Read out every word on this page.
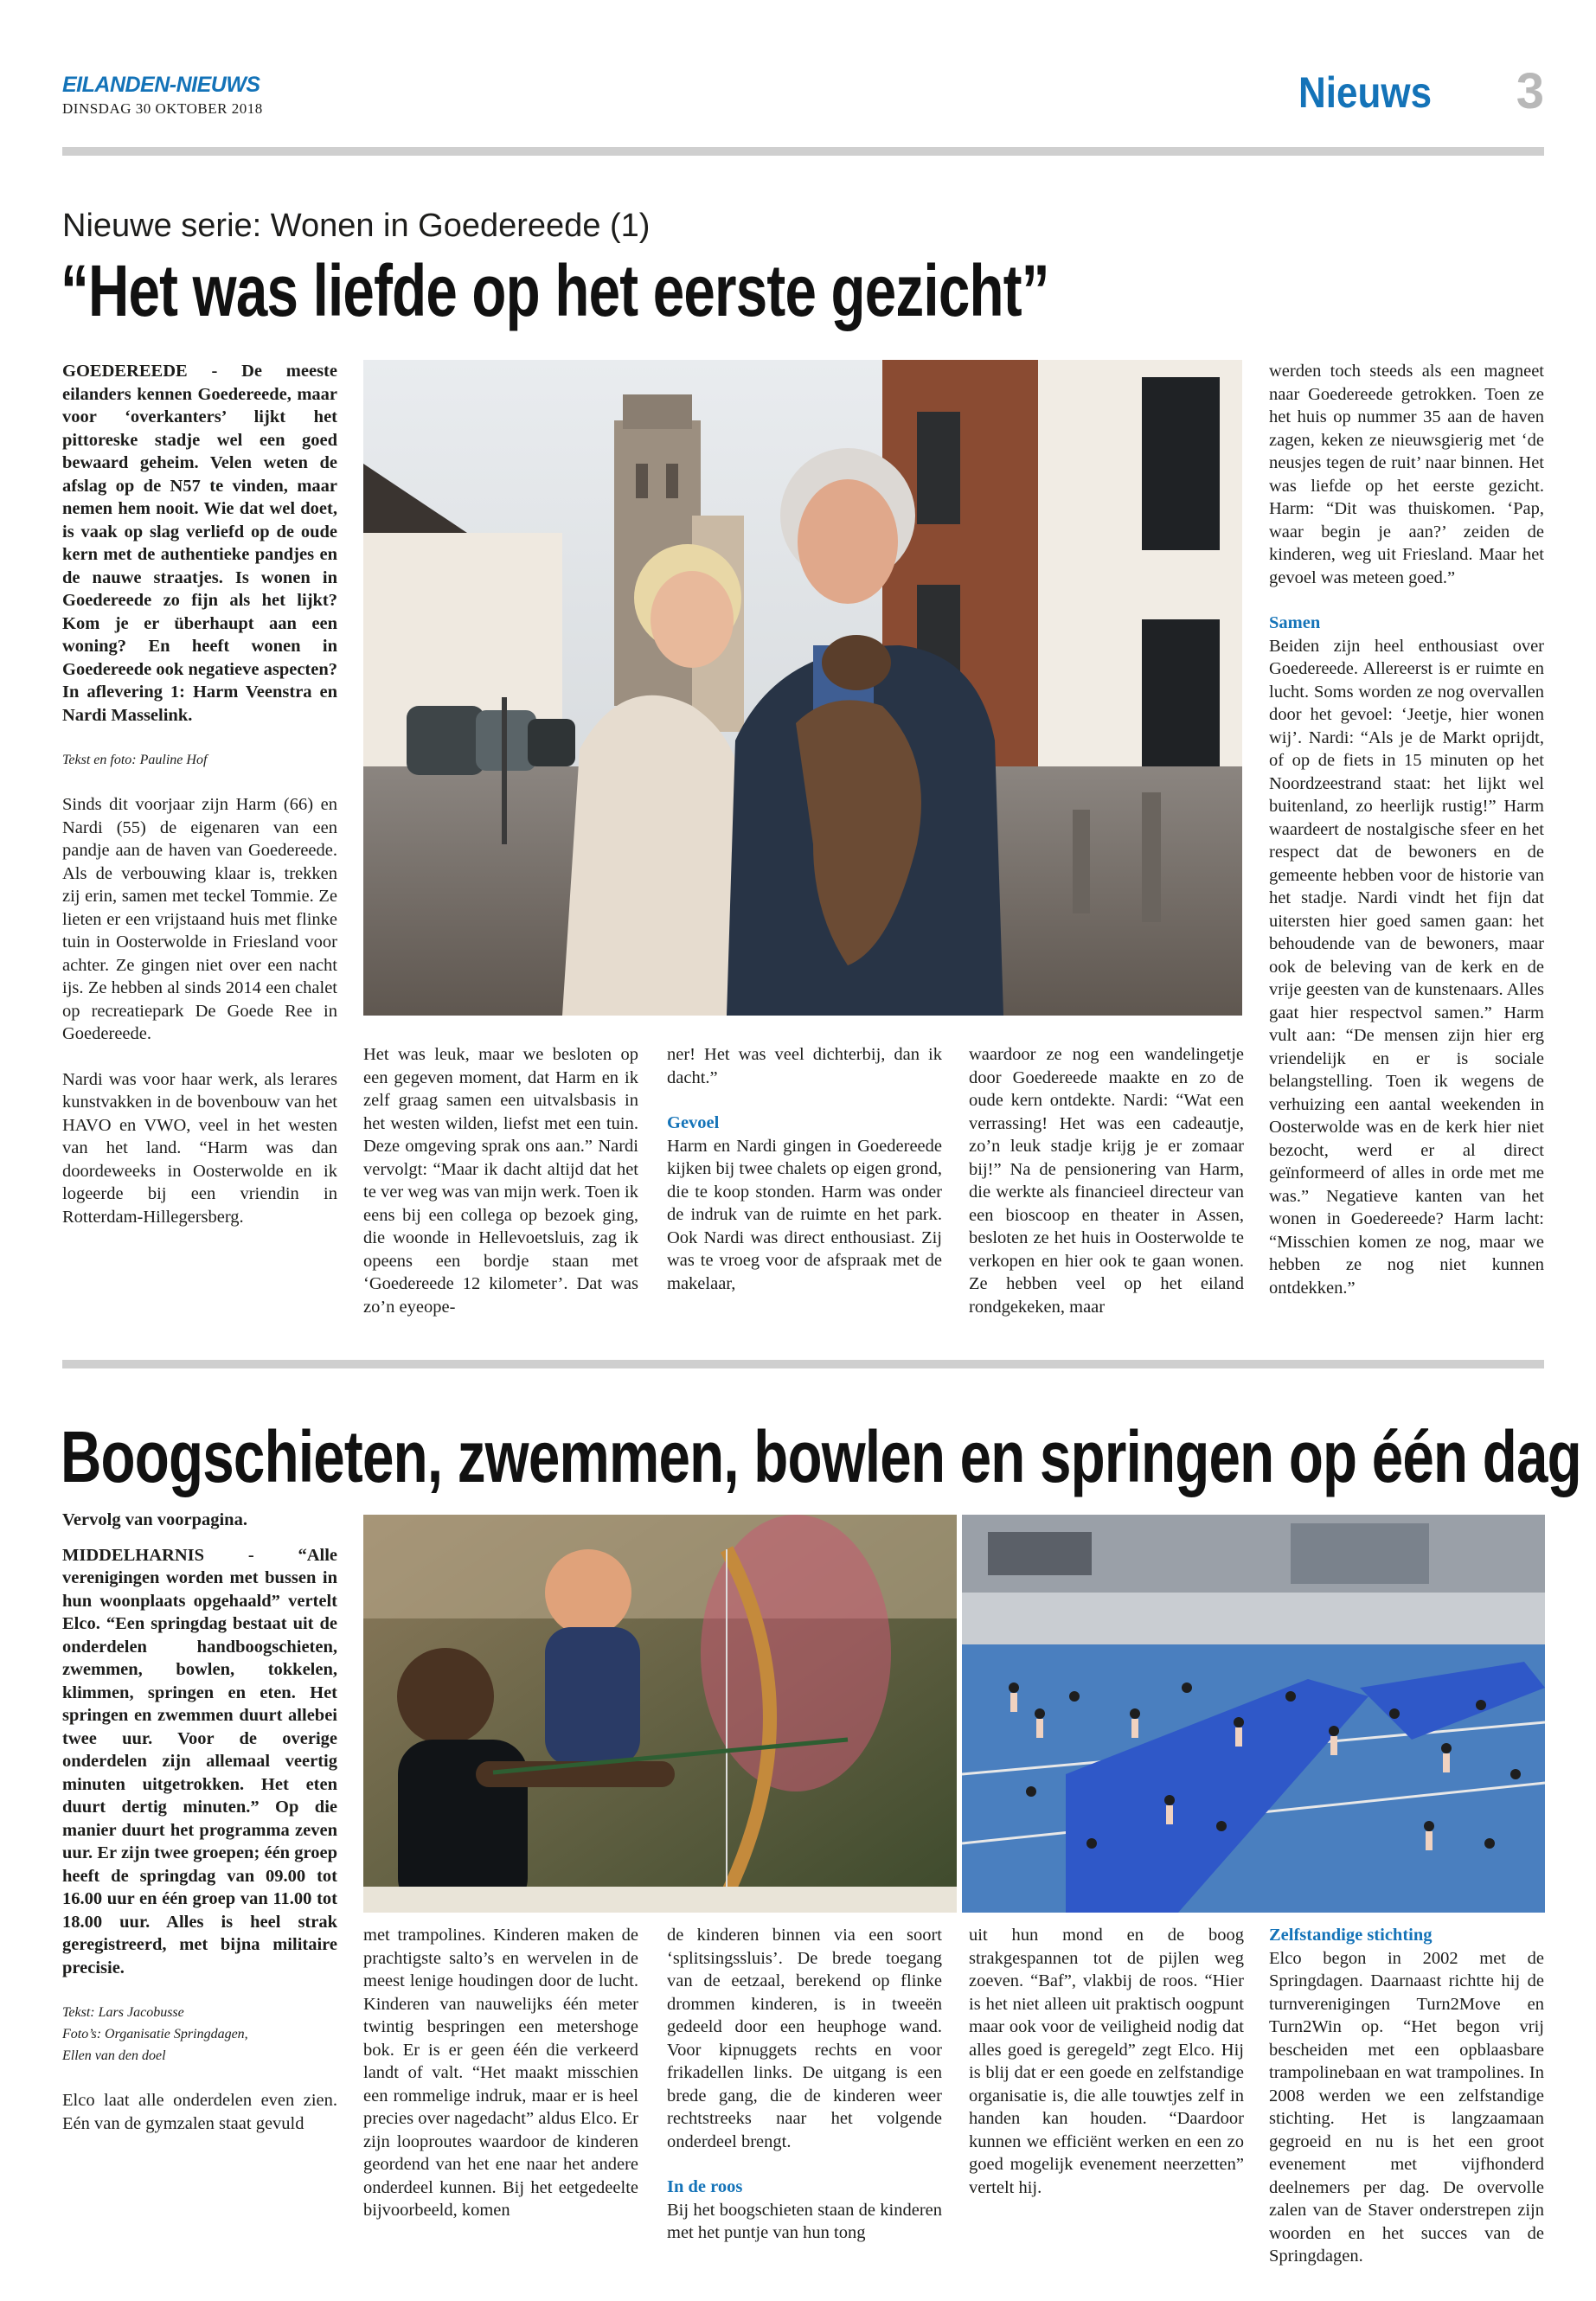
EILANDEN-NIEUWS
DINSDAG 30 OKTOBER 2018	Nieuws 3
Nieuwe serie: Wonen in Goedereede (1)
“Het was liefde op het eerste gezicht”

GOEDEREEDE - De meeste eilanders kennen Goedereede, maar voor ‘overkanters’ lijkt het pittoreske stadje wel een goed bewaard geheim. Velen weten de afslag op de N57 te vinden, maar nemen hem nooit. Wie dat wel doet, is vaak op slag verliefd op de oude kern met de authentieke pandjes en de nauwe straatjes. Is wonen in Goedereede zo fijn als het lijkt? Kom je er überhaupt aan een woning? En heeft wonen in Goedereede ook negatieve aspecten? In aflevering 1: Harm Veenstra en Nardi Masselink.

Tekst en foto: Pauline Hof

Sinds dit voorjaar zijn Harm (66) en Nardi (55) de eigenaren van een pandje aan de haven van Goedereede. Als de verbouwing klaar is, trekken zij erin, samen met teckel Tommie. Ze lieten er een vrijstaand huis met flinke tuin in Oosterwolde in Friesland voor achter. Ze gingen niet over een nacht ijs. Ze hebben al sinds 2014 een chalet op recreatiepark De Goede Ree in Goedereede.

Nardi was voor haar werk, als lerares kunstvakken in de bovenbouw van het HAVO en VWO, veel in het westen van het land. “Harm was dan doordeweeks in Oosterwolde en ik logeerde bij een vriendin in Rotterdam-Hillegersberg.

Het was leuk, maar we besloten op een gegeven moment, dat Harm en ik zelf graag samen een uitvalsbasis in het westen wilden, liefst met een tuin. Deze omgeving sprak ons aan.” Nardi vervolgt: “Maar ik dacht altijd dat het te ver weg was van mijn werk. Toen ik eens bij een collega op bezoek ging, die woonde in Hellevoetsluis, zag ik opeens een bordje staan met ‘Goedereede 12 kilometer’. Dat was zo’n eyeope-

ner! Het was veel dichterbij, dan ik dacht.”

Gevoel

Harm en Nardi gingen in Goedereede kijken bij twee chalets op eigen grond, die te koop stonden. Harm was onder de indruk van de ruimte en het park. Ook Nardi was direct enthousiast. Zij was te vroeg voor de afspraak met de makelaar,

waardoor ze nog een wandelingetje door Goedereede maakte en zo de oude kern ontdekte. Nardi: “Wat een verrassing! Het was een cadeautje, zo’n leuk stadje krijg je er zomaar bij!” Na de pensionering van Harm, die werkte als financieel directeur van een bioscoop en theater in Assen, besloten ze het huis in Oosterwolde te verkopen en hier ook te gaan wonen. Ze hebben veel op het eiland rondgekeken, maar

werden toch steeds als een magneet naar Goedereede getrokken. Toen ze het huis op nummer 35 aan de haven zagen, keken ze nieuwsgierig met ‘de neusjes tegen de ruit’ naar binnen. Het was liefde op het eerste gezicht. Harm: “Dit was thuiskomen. ‘Pap, waar begin je aan?’ zeiden de kinderen, weg uit Friesland. Maar het gevoel was meteen goed.”

Samen

Beiden zijn heel enthousiast over Goedereede. Allereerst is er ruimte en lucht. Soms worden ze nog overvallen door het gevoel: ‘Jeetje, hier wonen wij’. Nardi: “Als je de Markt oprijdt, of op de fiets in 15 minuten op het Noordzeestrand staat: het lijkt wel buitenland, zo heerlijk rustig!” Harm waardeert de nostalgische sfeer en het respect dat de bewoners en de gemeente hebben voor de historie van het stadje. Nardi vindt het fijn dat uitersten hier goed samen gaan: het behoudende van de bewoners, maar ook de beleving van de kerk en de vrije geesten van de kunstenaars. Alles gaat hier respectvol samen.” Harm vult aan: “De mensen zijn hier erg vriendelijk en er is sociale belangstelling. Toen ik wegens de verhuizing een aantal weekenden in Oosterwolde was en de kerk hier niet bezocht, werd er al direct geïnformeerd of alles in orde met me was.” Negatieve kanten van het wonen in Goedereede? Harm lacht: “Misschien komen ze nog, maar we hebben ze nog niet kunnen ontdekken.”

Boogschieten, zwemmen, bowlen en springen op één dag

Vervolg van voorpagina.

MIDDELHARNIS - “Alle verenigingen worden met bussen in hun woonplaats opgehaald” vertelt Elco. “Een springdag bestaat uit de onderdelen handboogschieten, zwemmen, bowlen, tokkelen, klimmen, springen en eten. Het springen en zwemmen duurt allebei twee uur. Voor de overige onderdelen zijn allemaal veertig minuten uitgetrokken. Het eten duurt dertig minuten.” Op die manier duurt het programma zeven uur. Er zijn twee groepen; één groep heeft de springdag van 09.00 tot 16.00 uur en één groep van 11.00 tot 18.00 uur. Alles is heel strak geregistreerd, met bijna militaire precisie.

Tekst: Lars Jacobusse

Foto’s: Organisatie Springdagen,

Ellen van den doel

Elco laat alle onderdelen even zien. Eén van de gymzalen staat gevuld

met trampolines. Kinderen maken de prachtigste salto’s en wervelen in de meest lenige houdingen door de lucht. Kinderen van nauwelijks één meter twintig bespringen een metershoge bok. Er is er geen één die verkeerd landt of valt. “Het maakt misschien een rommelige indruk, maar er is heel precies over nagedacht” aldus Elco. Er zijn looproutes waardoor de kinderen geordend van het ene naar het andere onderdeel kunnen. Bij het eetgedeelte bijvoorbeeld, komen

de kinderen binnen via een soort ‘splitsingssluis’. De brede toegang van de eetzaal, berekend op flinke drommen kinderen, is in tweeën gedeeld door een heuphoge wand. Voor kipnuggets rechts en voor frikadellen links. De uitgang is een brede gang, die de kinderen weer rechtstreeks naar het volgende onderdeel brengt.

In de roos

Bij het boogschieten staan de kinderen met het puntje van hun tong

uit hun mond en de boog strakgespannen tot de pijlen weg zoeven. “Baf”, vlakbij de roos. “Hier is het niet alleen uit praktisch oogpunt maar ook voor de veiligheid nodig dat alles goed is geregeld” zegt Elco. Hij is blij dat er een goede en zelfstandige organisatie is, die alle touwtjes zelf in handen kan houden. “Daardoor kunnen we efficiënt werken en een zo goed mogelijk evenement neerzetten” vertelt hij.

Zelfstandige stichting

Elco begon in 2002 met de Springdagen. Daarnaast richtte hij de turnverenigingen Turn2Move en Turn2Win op. “Het begon vrij bescheiden met een opblaasbare trampolinebaan en wat trampolines. In 2008 werden we een zelfstandige stichting. Het is langzaamaan gegroeid en nu is het een groot evenement met vijfhonderd deelnemers per dag. De overvolle zalen van de Staver onderstrepen zijn woorden en het succes van de Springdagen.
